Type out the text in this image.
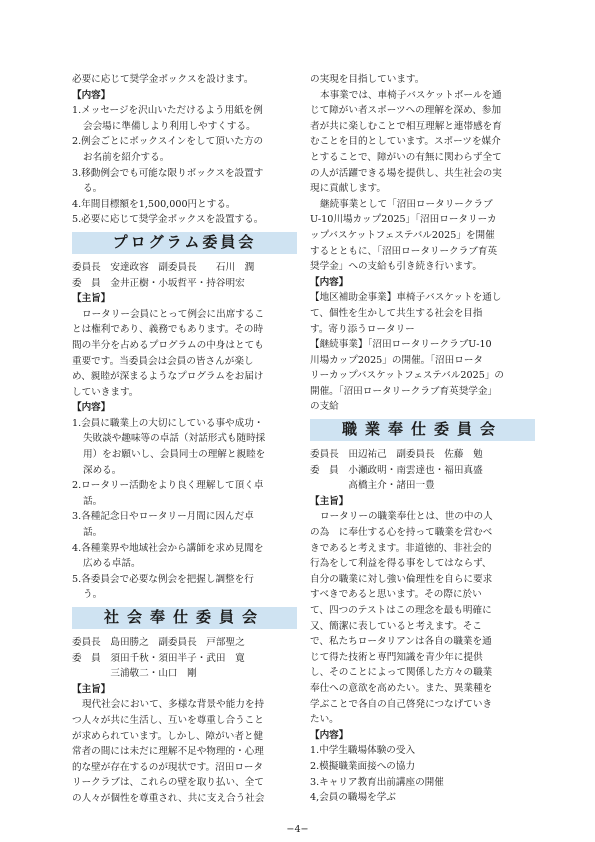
必要に応じて奨学金ボックスを設けます。
【内容】
1.メッセージを沢山いただけるよう用紙を例
会会場に準備しより利用しやすくする。
2.例会ごとにボックスインをして頂いた方の
お名前を紹介する。
3.移動例会でも可能な限りボックスを設置す
る。
4.年間目標額を1,500,000円とする。
5.必要に応じて奨学金ボックスを設置する。
プログラム委員会
委員長　安達政容　副委員長　　石川　潤
委　員　金井正樹・小坂哲平・持谷明宏
【主旨】
ロータリー会員にとって例会に出席するこ
とは権利であり、義務でもあります。その時
間の半分を占めるプログラムの中身はとても
重要です。当委員会は会員の皆さんが楽し
め、親睦が深まるようなプログラムをお届け
していきます。
【内容】
1.会員に職業上の大切にしている事や成功・
失敗談や趣味等の卓話（対話形式も随時採
用）をお願いし、会員同士の理解と親睦を
深める。
2.ロータリー活動をより良く理解して頂く卓
話。
3.各種記念日やロータリー月間に因んだ卓
話。
4.各種業界や地域社会から講師を求め見聞を
広める卓話。
5.各委員会で必要な例会を把握し調整を行
う。
社会奉仕委員会
委員長　島田勝之　副委員長　戸部聖之
委　員　須田千秋・須田半子・武田　寛
　　　　三浦敬二・山口　剛
【主旨】
現代社会において、多様な背景や能力を持
つ人々が共に生活し、互いを尊重し合うこと
が求められています。しかし、障がい者と健
常者の間には未だに理解不足や物理的・心理
的な壁が存在するのが現状です。沼田ロータ
リークラブは、これらの壁を取り払い、全て
の人々が個性を尊重され、共に支え合う社会
の実現を目指しています。
本事業では、車椅子バスケットボールを通
じて障がい者スポーツへの理解を深め、参加
者が共に楽しむことで相互理解と連帯感を育
むことを目的としています。スポーツを媒介
とすることで、障がいの有無に関わらず全て
の人が活躍できる場を提供し、共生社会の実
現に貢献します。
継続事業として「沼田ロータリークラブ
U-10川場カップ2025」「沼田ロータリーカ
ップバスケットフェステバル2025」を開催
するとともに、「沼田ロータリークラブ育英
奨学金」への支給も引き続き行います。
【内容】
【地区補助金事業】車椅子バスケットを通し
て、個性を生かして共生する社会を目指
す。寄り添うロータリー
【継続事業】「沼田ロータリークラブU-10
川場カップ2025」の開催。「沼田ロータ
リーカップバスケットフェステバル2025」の
開催。「沼田ロータリークラブ育英奨学金」
の支給
職業奉仕委員会
委員長　田辺祐己　副委員長　佐藤　勉
委　員　小瀬政明・南雲達也・福田真盛
　　　　高橋主介・諸田一豊
【主旨】
ロータリーの職業奉仕とは、世の中の人
の為　に奉仕する心を持って職業を営むべ
きであると考えます。非道徳的、非社会的
行為をして利益を得る事をしてはならず、
自分の職業に対し強い倫理性を自らに要求
すべきであると思います。その際に於い
て、四つのテストはこの理念を最も明確に
又、簡潔に表していると考えます。そこ
で、私たちロータリアンは各自の職業を通
じて得た技術と専門知識を青少年に提供
し、そのことによって関係した方々の職業
奉仕への意欲を高めたい。また、異業種を
学ぶことで各自の自己啓発につなげていき
たい。
【内容】
1.中学生職場体験の受入
2.模擬職業面接への協力
3.キャリア教育出前講座の開催
4,会員の職場を学ぶ
−4−
